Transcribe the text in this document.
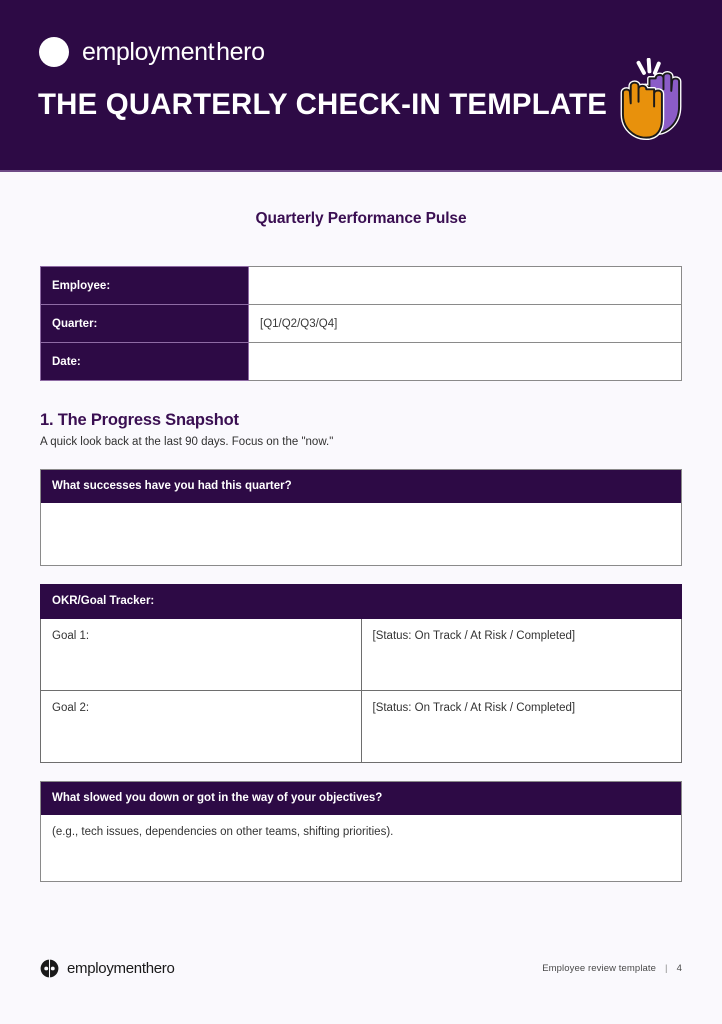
employmenthero
THE QUARTERLY CHECK-IN TEMPLATE
Quarterly Performance Pulse
Employee:	
Quarter:	[Q1/Q2/Q3/Q4]
Date:	
1. The Progress Snapshot

A quick look back at the last 90 days. Focus on the "now."

What successes have you had this quarter?
OKR/Goal Tracker:	
Goal 1:	[Status: On Track / At Risk / Completed]
Goal 2:	[Status: On Track / At Risk / Completed]
What slowed you down or got in the way of your objectives?
(e.g., tech issues, dependencies on other teams, shifting priorities).
employmenthero	Employee review template | 4
